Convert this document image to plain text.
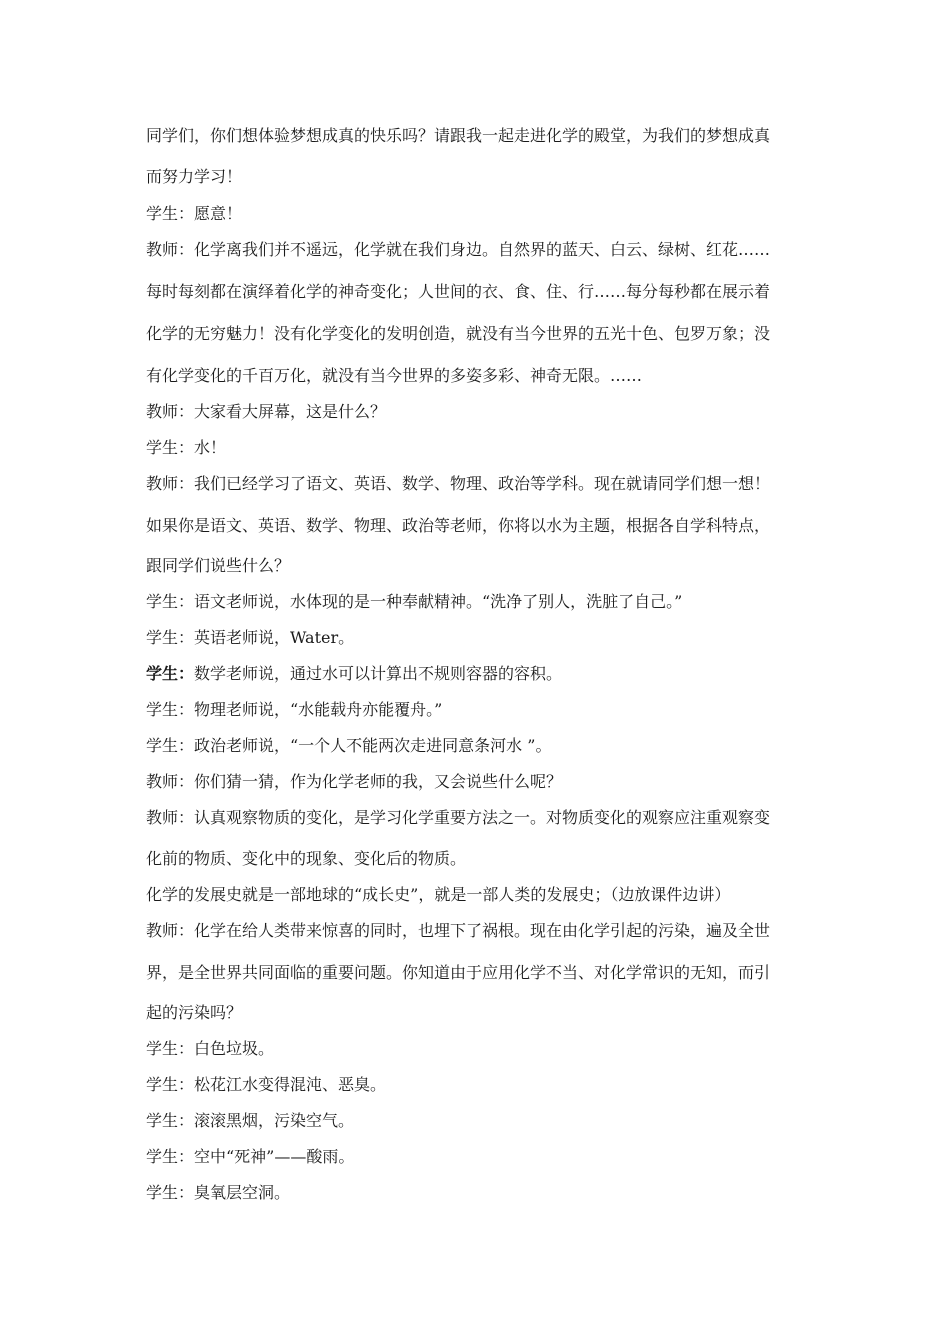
同学们，你们想体验梦想成真的快乐吗？请跟我一起走进化学的殿堂，为我们的梦想成真
而努力学习！
学生：愿意！
教师：化学离我们并不遥远，化学就在我们身边。自然界的蓝天、白云、绿树、红花……
每时每刻都在演绎着化学的神奇变化；人世间的衣、食、住、行……每分每秒都在展示着
化学的无穷魅力！没有化学变化的发明创造，就没有当今世界的五光十色、包罗万象；没
有化学变化的千百万化，就没有当今世界的多姿多彩、神奇无限。……
教师：大家看大屏幕，这是什么？
学生：水！
教师：我们已经学习了语文、英语、数学、物理、政治等学科。现在就请同学们想一想！
如果你是语文、英语、数学、物理、政治等老师，你将以水为主题，根据各自学科特点，
跟同学们说些什么？
学生：语文老师说，水体现的是一种奉献精神。“洗净了别人，洗脏了自己。”
学生：英语老师说，Water。
学生：数学老师说，通过水可以计算出不规则容器的容积。
学生：物理老师说，“水能载舟亦能覆舟。”
学生：政治老师说，“一个人不能两次走进同意条河水 ”。
教师：你们猜一猜，作为化学老师的我，又会说些什么呢？
教师：认真观察物质的变化，是学习化学重要方法之一。对物质变化的观察应注重观察变
化前的物质、变化中的现象、变化后的物质。
化学的发展史就是一部地球的“成长史”，就是一部人类的发展史；（边放课件边讲）
教师：化学在给人类带来惊喜的同时，也埋下了祸根。现在由化学引起的污染，遍及全世
界，是全世界共同面临的重要问题。你知道由于应用化学不当、对化学常识的无知，而引
起的污染吗？
学生：白色垃圾。
学生：松花江水变得混沌、恶臭。
学生：滚滚黑烟，污染空气。
学生：空中“死神”——酸雨。
学生：臭氧层空洞。
